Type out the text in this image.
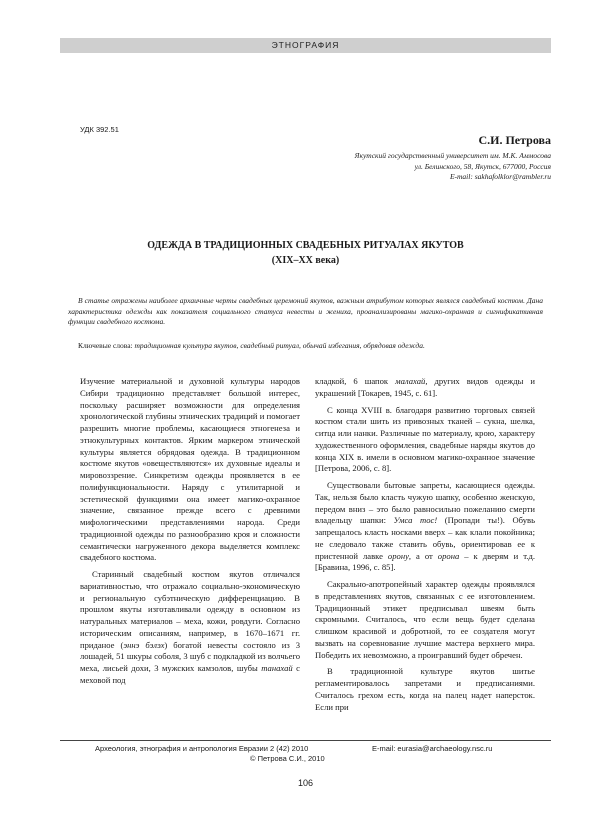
ЭТНОГРАФИЯ
УДК 392.51
С.И. Петрова
Якутский государственный университет им. М.К. Аммосова
ул. Белинского, 58, Якутск, 677000, Россия
E-mail: sakhafolklor@rambler.ru
ОДЕЖДА В ТРАДИЦИОННЫХ СВАДЕБНЫХ РИТУАЛАХ ЯКУТОВ
(XIX–XX века)
В статье отражены наиболее архаичные черты свадебных церемоний якутов, важным атрибутом которых являлся свадебный костюм. Дана характеристика одежды как показателя социального статуса невесты и жениха, проанализированы магико-охранная и сигнификативная функции свадебного костюма.
Ключевые слова: традиционная культура якутов, свадебный ритуал, обычай избегания, обрядовая одежда.

Изучение материальной и духовной культуры народов Сибири традиционно представляет большой интерес, поскольку расширяет возможности для определения хронологической глубины этнических традиций и помогает разрешить многие проблемы, касающиеся этногенеза и этнокультурных контактов. Ярким маркером этнической культуры является обрядовая одежда. В традиционном костюме якутов «овеществляются» их духовные идеалы и мировоззрение. Синкретизм одежды проявляется в ее полифункциональности. Наряду с утилитарной и эстетической функциями она имеет магико-охранное значение, связанное прежде всего с древними мифологическими представлениями народа. Среди традиционной одежды по разнообразию кроя и сложности семантически нагруженного декора выделяется комплекс свадебного костюма.

Старинный свадебный костюм якутов отличался вариативностью, что отражало социально-экономическую и региональную субэтническую дифференциацию. В прошлом якуты изготавливали одежду в основном из натуральных материалов – меха, кожи, ровдуги. Согласно историческим описаниям, например, в 1670–1671 гг. приданое (эннэ бэлэх) богатой невесты состояло из 3 лошадей, 51 шкуры соболя, 3 шуб с подкладкой из волчьего меха, лисьей дохи, 3 мужских камзолов, шубы танахай с меховой под

кладкой, 6 шапок малахай, других видов одежды и украшений [Токарев, 1945, с. 61].

С конца XVIII в. благодаря развитию торговых связей костюм стали шить из привозных тканей – сукна, шелка, ситца или нанки. Различные по материалу, крою, характеру художественного оформления, свадебные наряды якутов до конца XIX в. имели в основном магико-охранное значение [Петрова, 2006, с. 8].

Существовали бытовые запреты, касающиеся одежды. Так, нельзя было класть чужую шапку, особенно женскую, передом вниз – это было равносильно пожеланию смерти владельцу шапки: Умса тос! (Пропади ты!). Обувь запрещалось класть носками вверх – как клали покойника; не следовало также ставить обувь, ориентировав ее к пристенной лавке орону, а от орона – к дверям и т.д. [Бравина, 1996, с. 85].

Сакрально-апотропейный характер одежды проявлялся в представлениях якутов, связанных с ее изготовлением. Традиционный этикет предписывал швеям быть скромными. Считалось, что если вещь будет сделана слишком красивой и добротной, то ее создателя могут вызвать на соревнование лучшие мастера верхнего мира. Победить их невозможно, а проигравший будет обречен.

В традиционной культуре якутов шитье регламентировалось запретами и предписаниями. Считалось грехом есть, когда на палец надет наперсток. Если при

Археология, этнография и антропология Евразии 2 (42) 2010	E-mail: eurasia@archaeology.nsc.ru
© Петрова С.И., 2010
106
